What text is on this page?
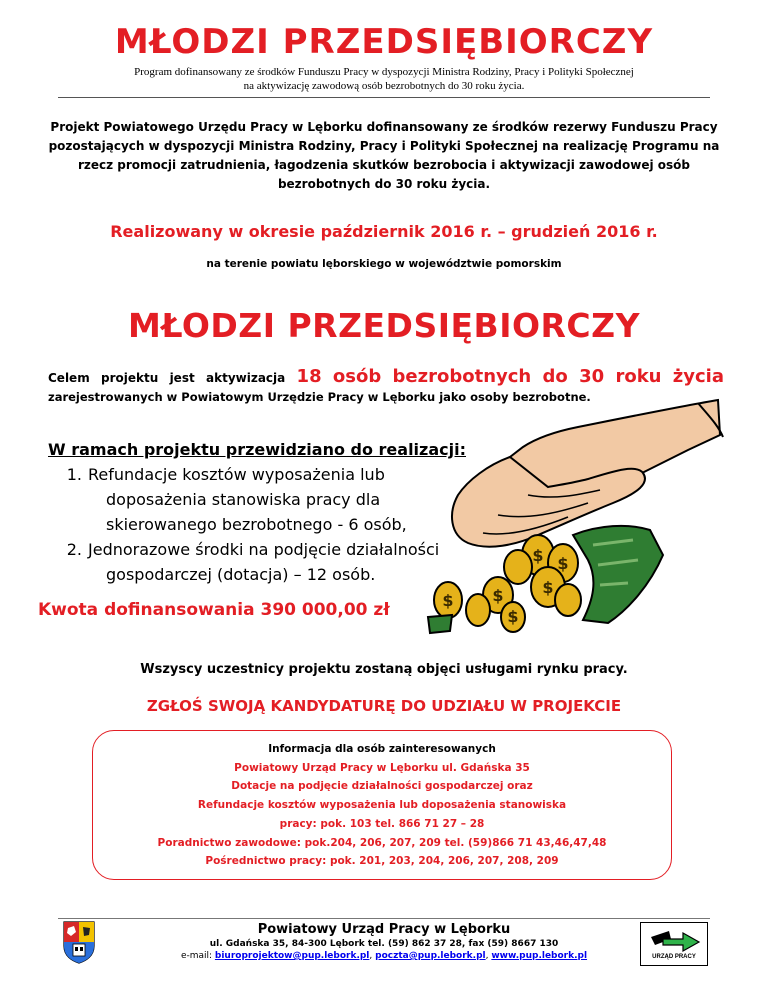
MŁODZI PRZEDSIĘBIORCZY
Program dofinansowany ze środków Funduszu Pracy w dyspozycji Ministra Rodziny, Pracy i Polityki Społecznej
na aktywizację zawodową osób bezrobotnych do 30 roku życia.
Projekt Powiatowego Urzędu Pracy w Lęborku dofinansowany ze środków rezerwy Funduszu Pracy pozostających w dyspozycji Ministra Rodziny, Pracy i Polityki Społecznej na realizację Programu na rzecz promocji zatrudnienia, łagodzenia skutków bezrobocia i aktywizacji zawodowej osób bezrobotnych do 30 roku życia.
Realizowany w okresie październik 2016 r. – grudzień 2016 r.
na terenie powiatu lęborskiego w województwie pomorskim
MŁODZI PRZEDSIĘBIORCZY
Celem projektu jest aktywizacja 18 osób bezrobotnych do 30 roku życia
zarejestrowanych w Powiatowym Urzędzie Pracy w Lęborku jako osoby bezrobotne.
$ $
$
$
$
$
W ramach projektu przewidziano do realizacji:
1. Refundacje kosztów wyposażenia lub
doposażenia stanowiska pracy dla
skierowanego bezrobotnego - 6 osób,
2. Jednorazowe środki na podjęcie działalności
gospodarczej (dotacja) – 12 osób.
Kwota dofinansowania 390 000,00 zł
Wszyscy uczestnicy projektu zostaną objęci usługami rynku pracy.
ZGŁOŚ SWOJĄ KANDYDATURĘ DO UDZIAŁU W PROJEKCIE
Informacja dla osób zainteresowanych
Powiatowy Urząd Pracy w Lęborku ul. Gdańska 35
Dotacje na podjęcie działalności gospodarczej oraz
Refundacje kosztów wyposażenia lub doposażenia stanowiska
pracy: pok. 103 tel. 866 71 27 – 28
Poradnictwo zawodowe: pok.204, 206, 207, 209 tel. (59)866 71 43,46,47,48
Pośrednictwo pracy: pok. 201, 203, 204, 206, 207, 208, 209
Powiatowy Urząd Pracy w Lęborku
ul. Gdańska 35, 84-300 Lębork tel. (59) 862 37 28, fax (59) 8667 130
e-mail: biuroprojektow@pup.lebork.pl, poczta@pup.lebork.pl, www.pup.lebork.pl	URZĄD PRACY
